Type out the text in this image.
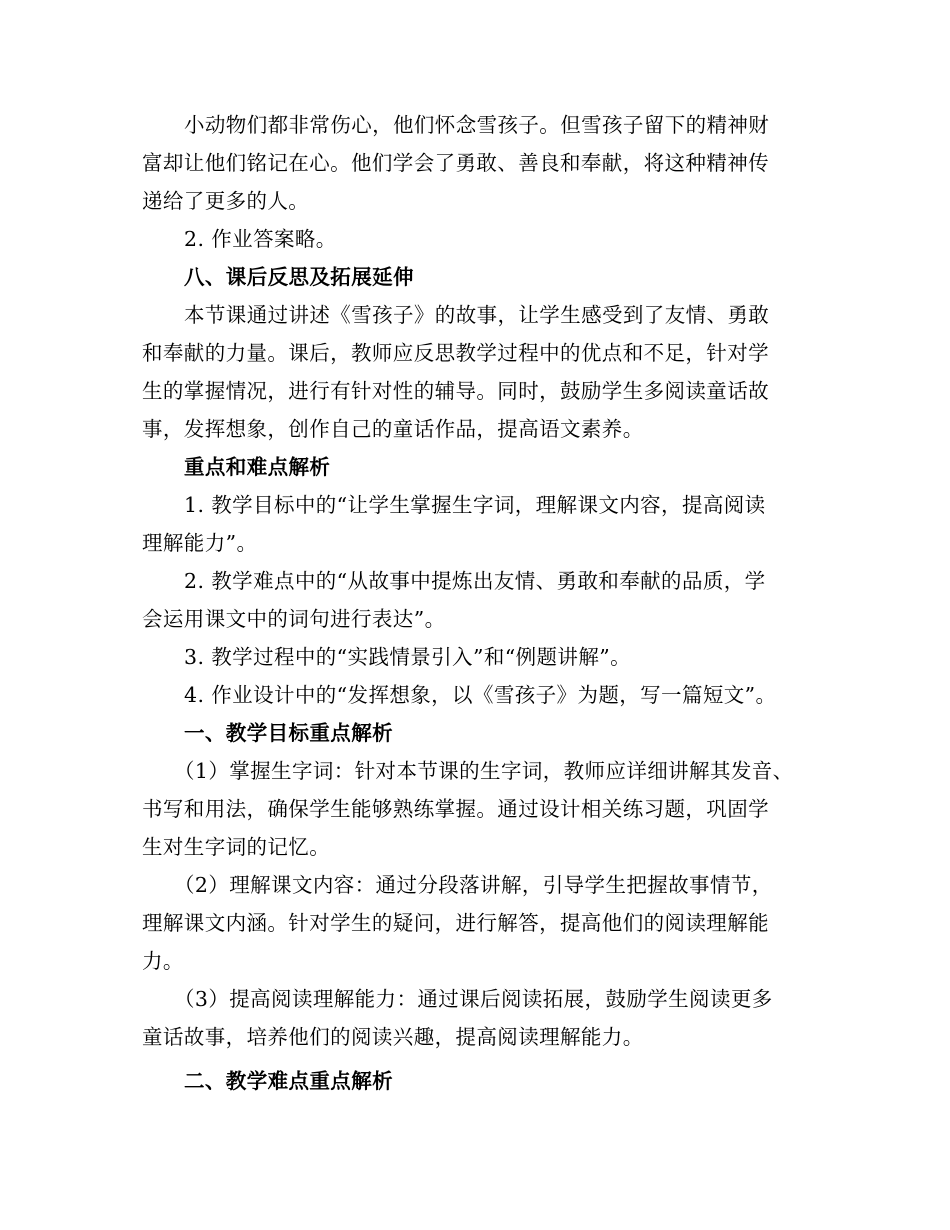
小动物们都非常伤心，他们怀念雪孩子。但雪孩子留下的精神财
富却让他们铭记在心。他们学会了勇敢、善良和奉献，将这种精神传
递给了更多的人。

2. 作业答案略。

八、课后反思及拓展延伸

本节课通过讲述《雪孩子》的故事，让学生感受到了友情、勇敢
和奉献的力量。课后，教师应反思教学过程中的优点和不足，针对学
生的掌握情况，进行有针对性的辅导。同时，鼓励学生多阅读童话故
事，发挥想象，创作自己的童话作品，提高语文素养。

重点和难点解析

1. 教学目标中的“让学生掌握生字词，理解课文内容，提高阅读
理解能力”。

2. 教学难点中的“从故事中提炼出友情、勇敢和奉献的品质，学
会运用课文中的词句进行表达”。

3. 教学过程中的“实践情景引入”和“例题讲解”。

4. 作业设计中的“发挥想象，以《雪孩子》为题，写一篇短文”。

一、教学目标重点解析

（1）掌握生字词：针对本节课的生字词，教师应详细讲解其发音、
书写和用法，确保学生能够熟练掌握。通过设计相关练习题，巩固学
生对生字词的记忆。

（2）理解课文内容：通过分段落讲解，引导学生把握故事情节，
理解课文内涵。针对学生的疑问，进行解答，提高他们的阅读理解能
力。

（3）提高阅读理解能力：通过课后阅读拓展，鼓励学生阅读更多
童话故事，培养他们的阅读兴趣，提高阅读理解能力。

二、教学难点重点解析
